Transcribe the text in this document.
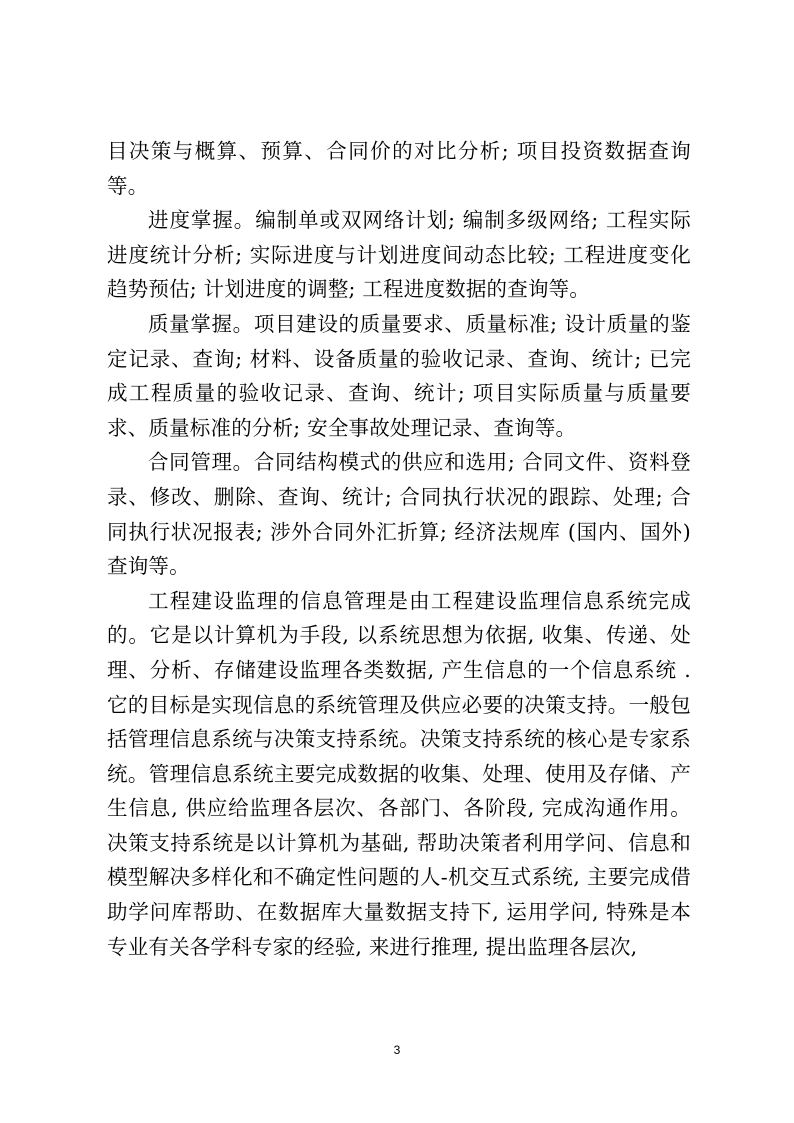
目决策与概算、预算、合同价的对比分析; 项目投资数据查询等。

进度掌握。编制单或双网络计划; 编制多级网络; 工程实际进度统计分析; 实际进度与计划进度间动态比较; 工程进度变化趋势预估; 计划进度的调整; 工程进度数据的查询等。

质量掌握。项目建设的质量要求、质量标准; 设计质量的鉴定记录、查询; 材料、设备质量的验收记录、查询、统计; 已完成工程质量的验收记录、查询、统计; 项目实际质量与质量要求、质量标准的分析; 安全事故处理记录、查询等。

合同管理。合同结构模式的供应和选用; 合同文件、资料登录、修改、删除、查询、统计; 合同执行状况的跟踪、处理; 合同执行状况报表; 涉外合同外汇折算; 经济法规库 (国内、国外) 查询等。

工程建设监理的信息管理是由工程建设监理信息系统完成的。它是以计算机为手段, 以系统思想为依据, 收集、传递、处理、分析、存储建设监理各类数据, 产生信息的一个信息系统 . 它的目标是实现信息的系统管理及供应必要的决策支持。一般包括管理信息系统与决策支持系统。决策支持系统的核心是专家系统。管理信息系统主要完成数据的收集、处理、使用及存储、产生信息, 供应给监理各层次、各部门、各阶段, 完成沟通作用。决策支持系统是以计算机为基础, 帮助决策者利用学问、信息和模型解决多样化和不确定性问题的人-机交互式系统, 主要完成借助学问库帮助、在数据库大量数据支持下, 运用学问, 特殊是本专业有关各学科专家的经验, 来进行推理, 提出监理各层次,

3
